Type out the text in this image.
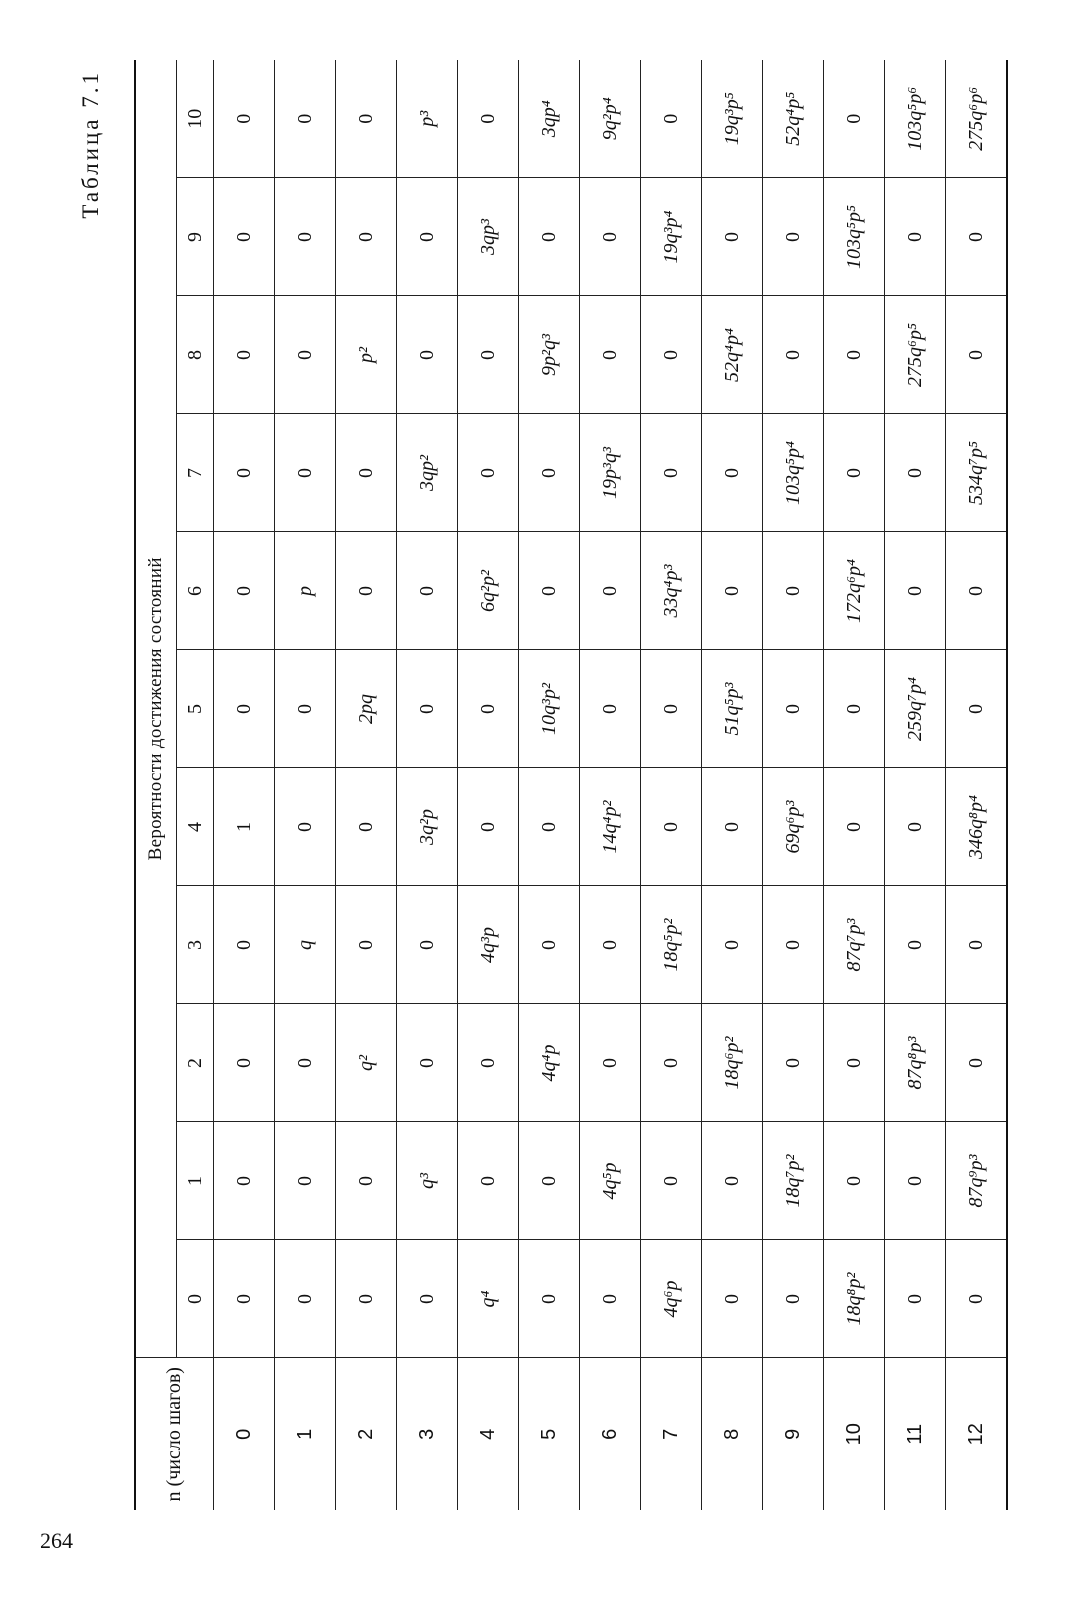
264
Таблица 7.1
n (число шагов)	Вероятности достижения состояний										
	0	1	2	3	4	5	6	7	8	9	10
0	0	0	0	0	1	0	0	0	0	0	0
1	0	0	0	q	0	0	p	0	0	0	0
2	0	0	q²	0	0	2pq	0	0	p²	0	0
3	0	q³	0	0	3q²p	0	0	3qp²	0	0	p³
4	q⁴	0	0	4q³p	0	0	6q²p²	0	0	3qp³	0
5	0	0	4q⁴p	0	0	10q³p²	0	0	9p²q³	0	3qp⁴
6	0	4q⁵p	0	0	14q⁴p²	0	0	19p³q³	0	0	9q²p⁴
7	4q⁶p	0	0	18q⁵p²	0	0	33q⁴p³	0	0	19q³p⁴	0
8	0	0	18q⁶p²	0	0	51q⁵p³	0	0	52q⁴p⁴	0	19q³p⁵
9	0	18q⁷p²	0	0	69q⁶p³	0	0	103q⁵p⁴	0	0	52q⁴p⁵
10	18q⁸p²	0	0	87q⁷p³	0	0	172q⁶p⁴	0	0	103q⁵p⁵	0
11	0	0	87q⁸p³	0	0	259q⁷p⁴	0	0	275q⁶p⁵	0	103q⁵p⁶
12	0	87q⁹p³	0	0	346q⁸p⁴	0	0	534q⁷p⁵	0	0	275q⁶p⁶
